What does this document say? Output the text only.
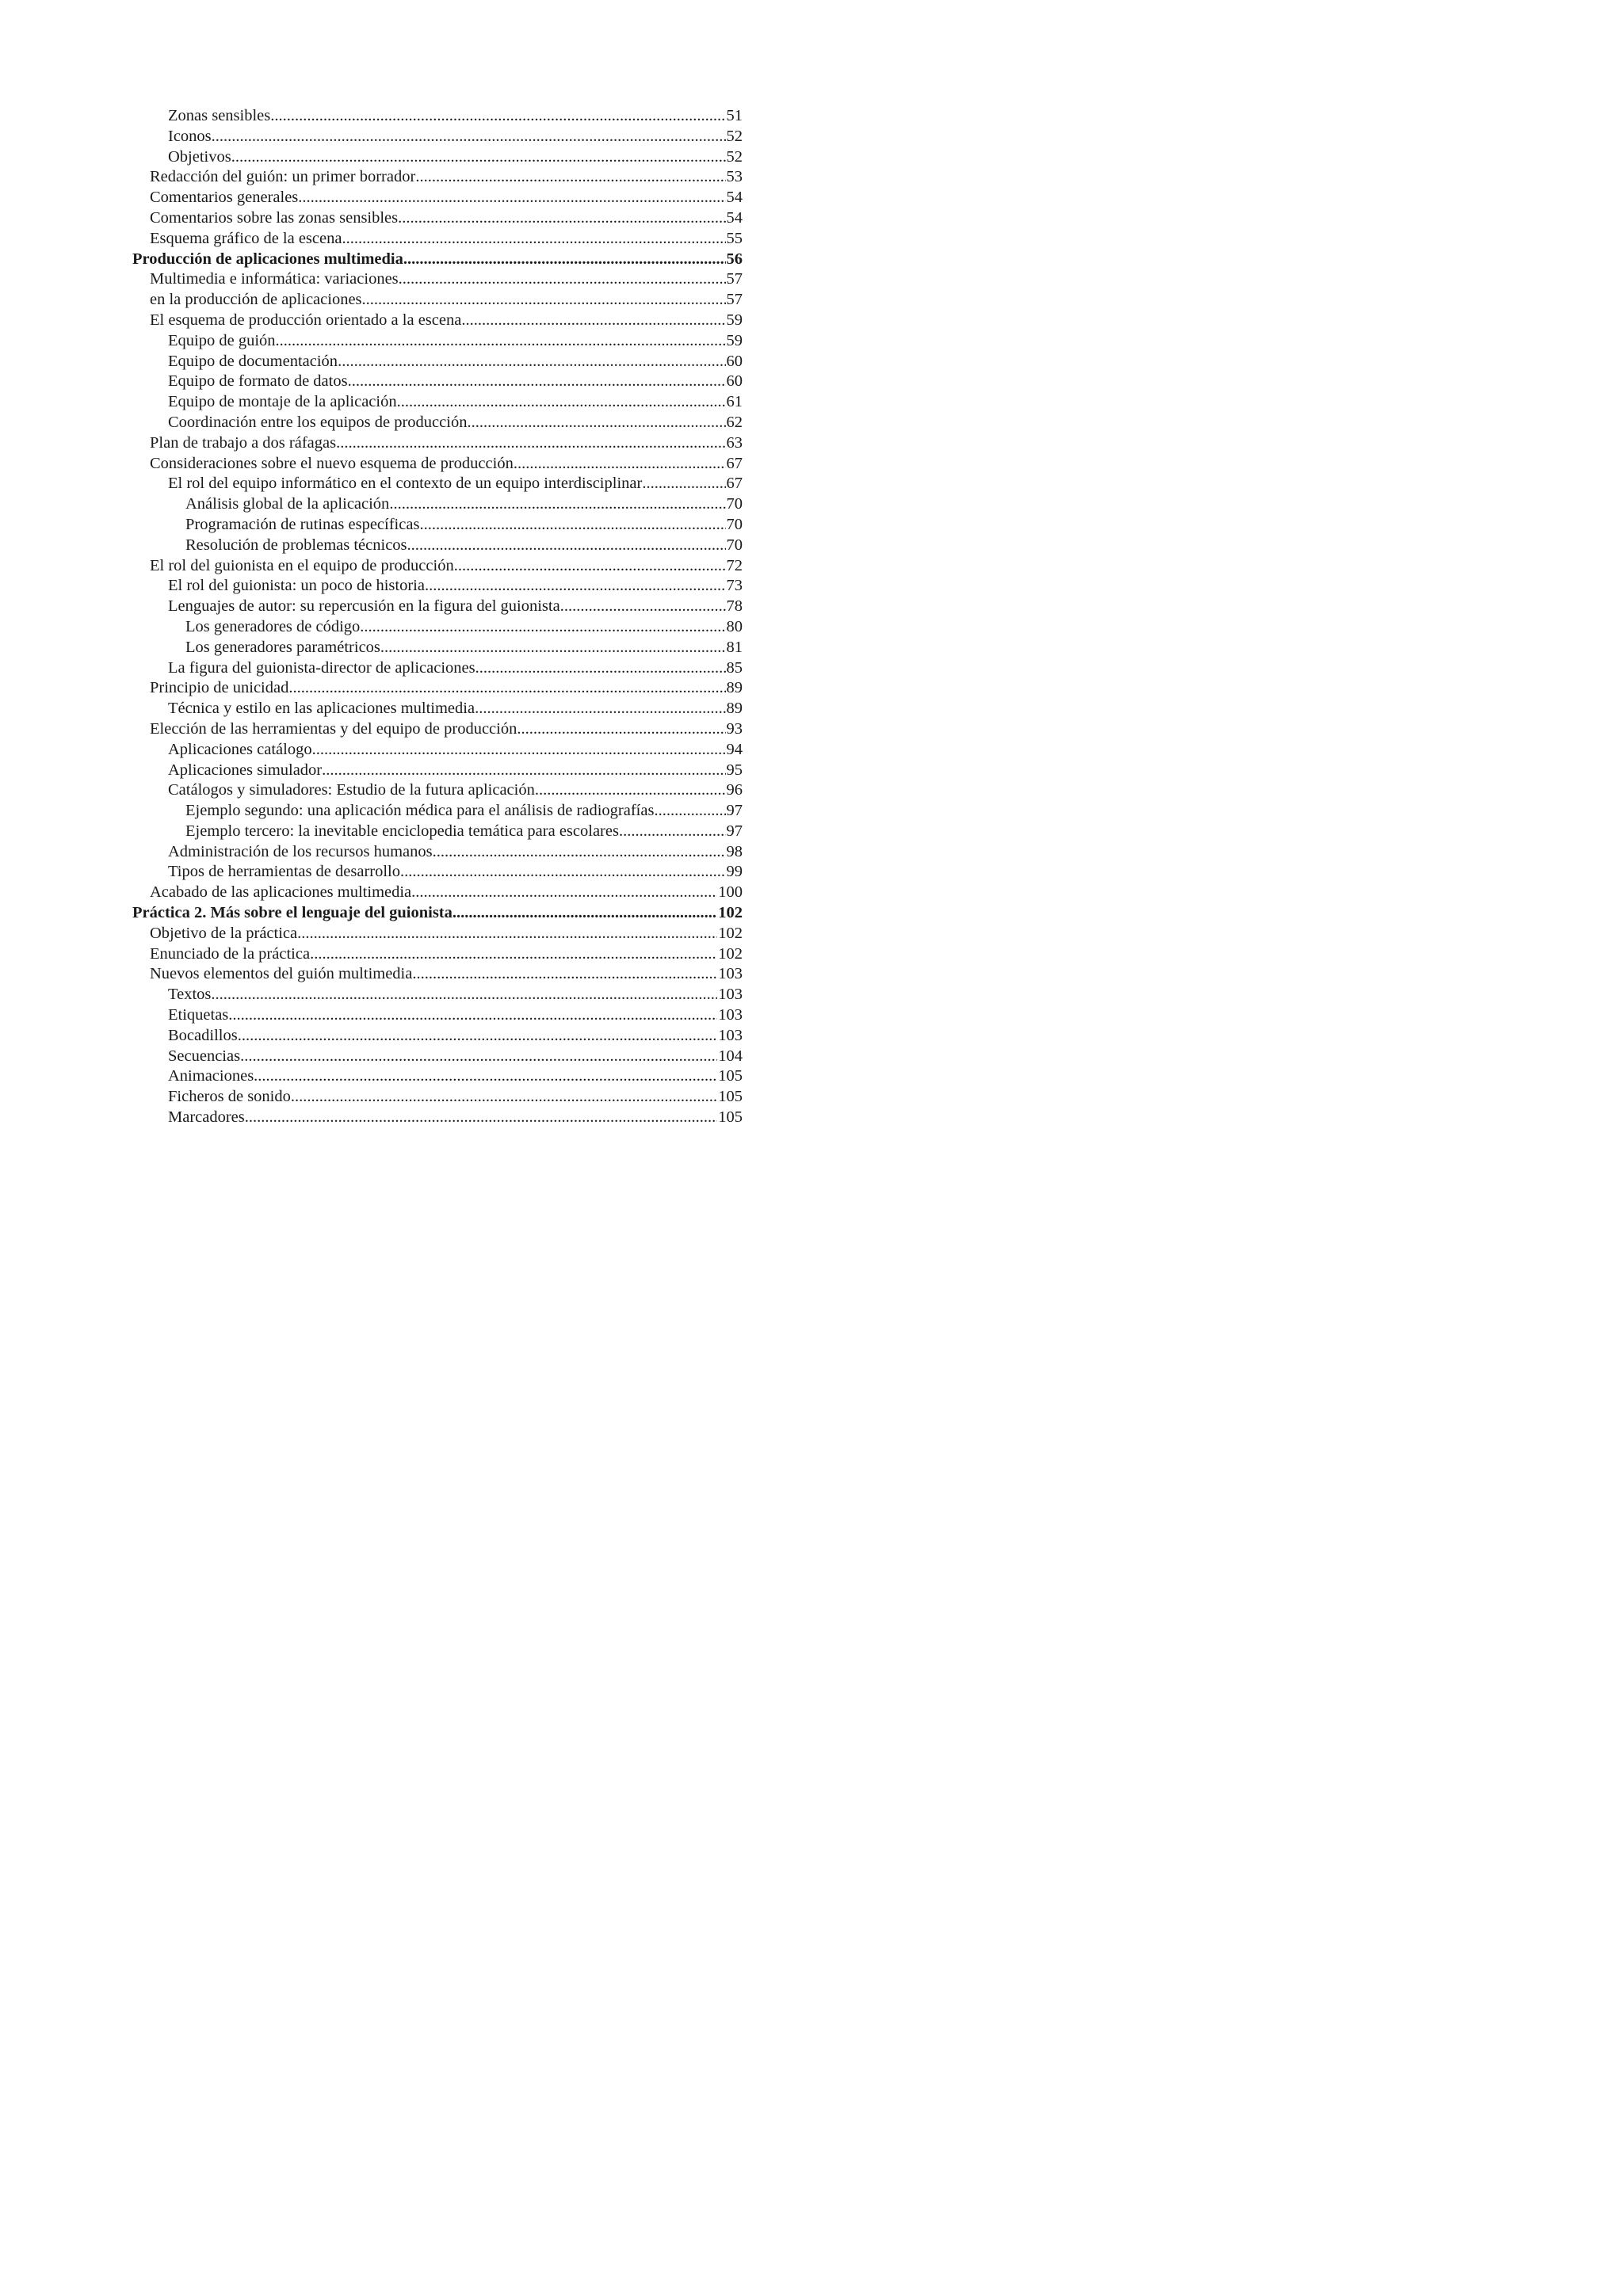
Zonas sensibles .....	51
Iconos .....	52
Objetivos .....	52
Redacción del guión: un primer borrador .....	53
Comentarios generales .....	54
Comentarios sobre las zonas sensibles .....	54
Esquema gráfico de la escena .....	55
Producción de aplicaciones multimedia .....	56
Multimedia e informática: variaciones .....	57
en la producción de aplicaciones .....	57
El esquema de producción orientado a la escena .....	59
Equipo de guión .....	59
Equipo de documentación .....	60
Equipo de formato de datos .....	60
Equipo de montaje de la aplicación .....	61
Coordinación entre los equipos de producción .....	62
Plan de trabajo a dos ráfagas .....	63
Consideraciones sobre el nuevo esquema de producción .....	67
El rol del equipo informático en el contexto de un equipo interdisciplinar .....	67
Análisis global de la aplicación .....	70
Programación de rutinas específicas .....	70
Resolución de problemas técnicos .....	70
El rol del guionista en el equipo de producción .....	72
El rol del guionista: un poco de historia .....	73
Lenguajes de autor: su repercusión en la figura del guionista. .....	78
Los generadores de código .....	80
Los generadores paramétricos .....	81
La figura del guionista-director de aplicaciones .....	85
Principio de unicidad .....	89
Técnica y estilo en las aplicaciones multimedia .....	89
Elección de las herramientas y del equipo de producción .....	93
Aplicaciones catálogo .....	94
Aplicaciones simulador .....	95
Catálogos y simuladores: Estudio de la futura aplicación .....	96
Ejemplo segundo: una aplicación médica para el análisis de radiografías .....	97
Ejemplo tercero: la inevitable enciclopedia temática para escolares .....	97
Administración de los recursos humanos .....	98
Tipos de herramientas de desarrollo .....	99
Acabado de las aplicaciones multimedia .....	100
Práctica 2. Más sobre el lenguaje del guionista .....	102
Objetivo de la práctica .....	102
Enunciado de la práctica .....	102
Nuevos elementos del guión multimedia .....	103
Textos .....	103
Etiquetas .....	103
Bocadillos .....	103
Secuencias .....	104
Animaciones .....	105
Ficheros de sonido .....	105
Marcadores .....	105
